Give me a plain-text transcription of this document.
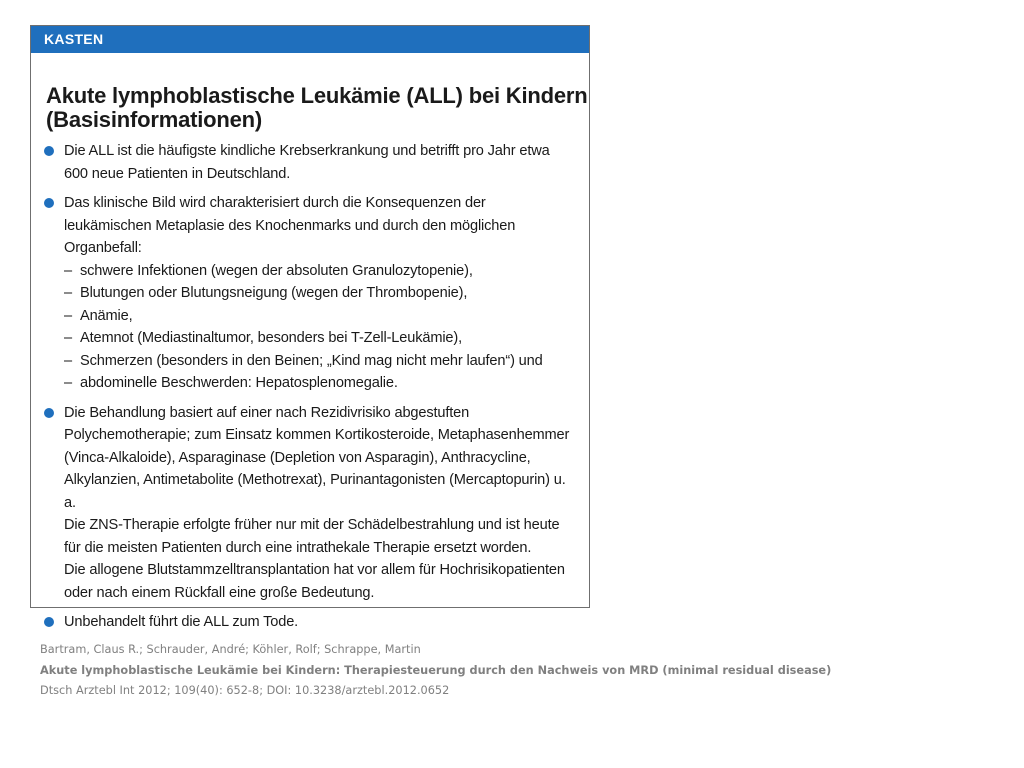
KASTEN
Akute lymphoblastische Leukämie (ALL) bei Kindern
(Basisinformationen)
Die ALL ist die häufigste kindliche Krebserkrankung und betrifft pro Jahr etwa 600 neue Patienten in Deutschland.
Das klinische Bild wird charakterisiert durch die Konsequenzen der leukämischen Metaplasie des Knochenmarks und durch den möglichen Organbefall:
– schwere Infektionen (wegen der absoluten Granulozytopenie),
– Blutungen oder Blutungsneigung (wegen der Thrombopenie),
– Anämie,
– Atemnot (Mediastinaltumor, besonders bei T-Zell-Leukämie),
– Schmerzen (besonders in den Beinen; „Kind mag nicht mehr laufen“) und
– abdominelle Beschwerden: Hepatosplenomegalie.
Die Behandlung basiert auf einer nach Rezidivrisiko abgestuften Polychemotherapie; zum Einsatz kommen Kortikosteroide, Metaphasenhemmer (Vinca-Alkaloide), Asparaginase (Depletion von Asparagin), Anthracycline, Alkylanzien, Antimetabolite (Methotrexat), Purinantagonisten (Mercaptopurin) u. a.
Die ZNS-Therapie erfolgte früher nur mit der Schädelbestrahlung und ist heute für die meisten Patienten durch eine intrathekale Therapie ersetzt worden.
Die allogene Blutstammzelltransplantation hat vor allem für Hochrisikopatienten oder nach einem Rückfall eine große Bedeutung.
Unbehandelt führt die ALL zum Tode.
Bartram, Claus R.; Schrauder, André; Köhler, Rolf; Schrappe, Martin
Akute lymphoblastische Leukämie bei Kindern: Therapiesteuerung durch den Nachweis von MRD (minimal residual disease)
Dtsch Arztebl Int 2012; 109(40): 652-8; DOI: 10.3238/arztebl.2012.0652
